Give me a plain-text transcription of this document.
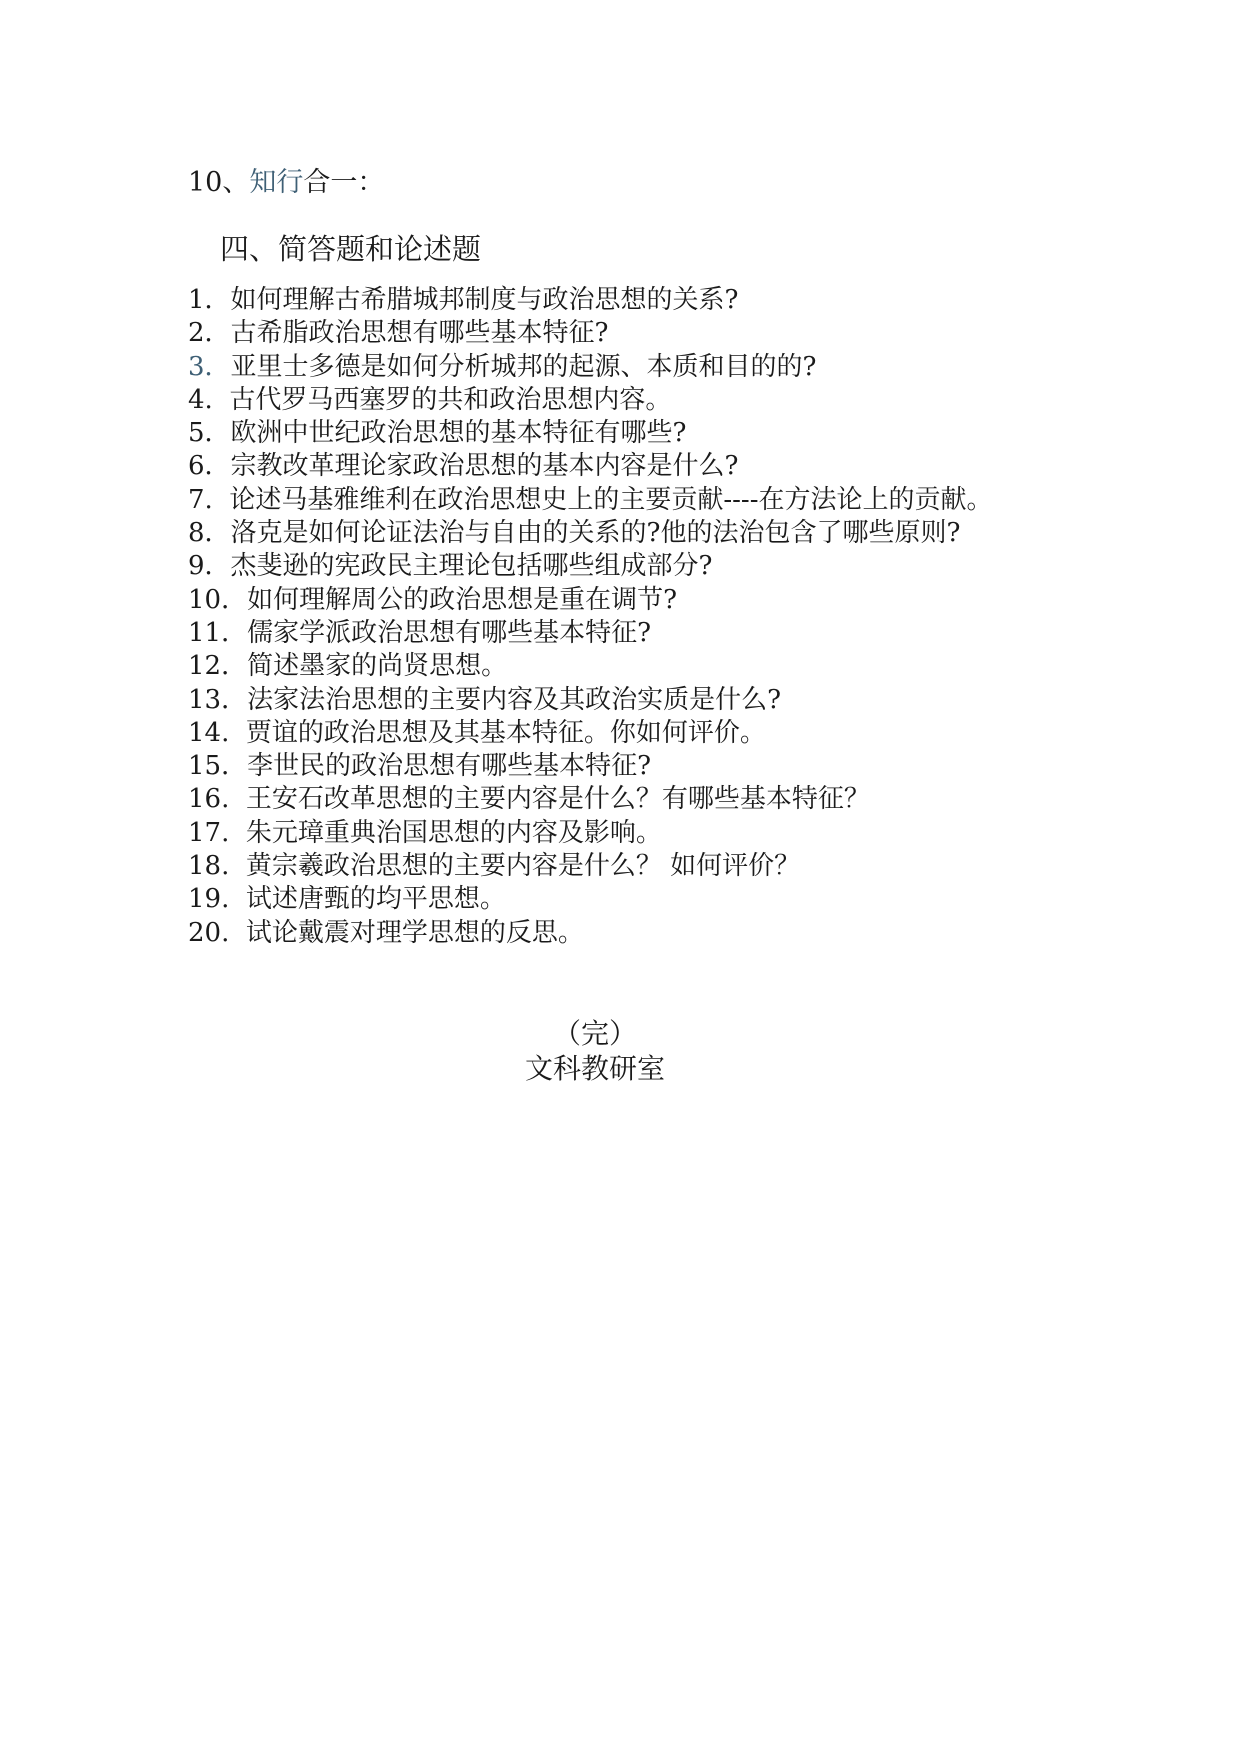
10、知行合一：
四、简答题和论述题
1．如何理解古希腊城邦制度与政治思想的关系?
2．古希脂政治思想有哪些基本特征?
3．亚里士多德是如何分析城邦的起源、本质和目的的?
4.  古代罗马西塞罗的共和政治思想内容。
5．欧洲中世纪政治思想的基本特征有哪些?
6．宗教改革理论家政治思想的基本内容是什么?
7.  论述马基雅维利在政治思想史上的主要贡献----在方法论上的贡献。
8．洛克是如何论证法治与自由的关系的?他的法治包含了哪些原则?
9．杰斐逊的宪政民主理论包括哪些组成部分?
10．如何理解周公的政治思想是重在调节?
11．儒家学派政治思想有哪些基本特征?
12．简述墨家的尚贤思想。
13．法家法治思想的主要内容及其政治实质是什么?
14.  贾谊的政治思想及其基本特征。你如何评价。
15．李世民的政治思想有哪些基本特征?
16.  王安石改革思想的主要内容是什么？有哪些基本特征？
17.  朱元璋重典治国思想的内容及影响。
18.  黄宗羲政治思想的主要内容是什么？ 如何评价？
19.  试述唐甄的均平思想。
20.  试论戴震对理学思想的反思。
（完）
文科教研室
